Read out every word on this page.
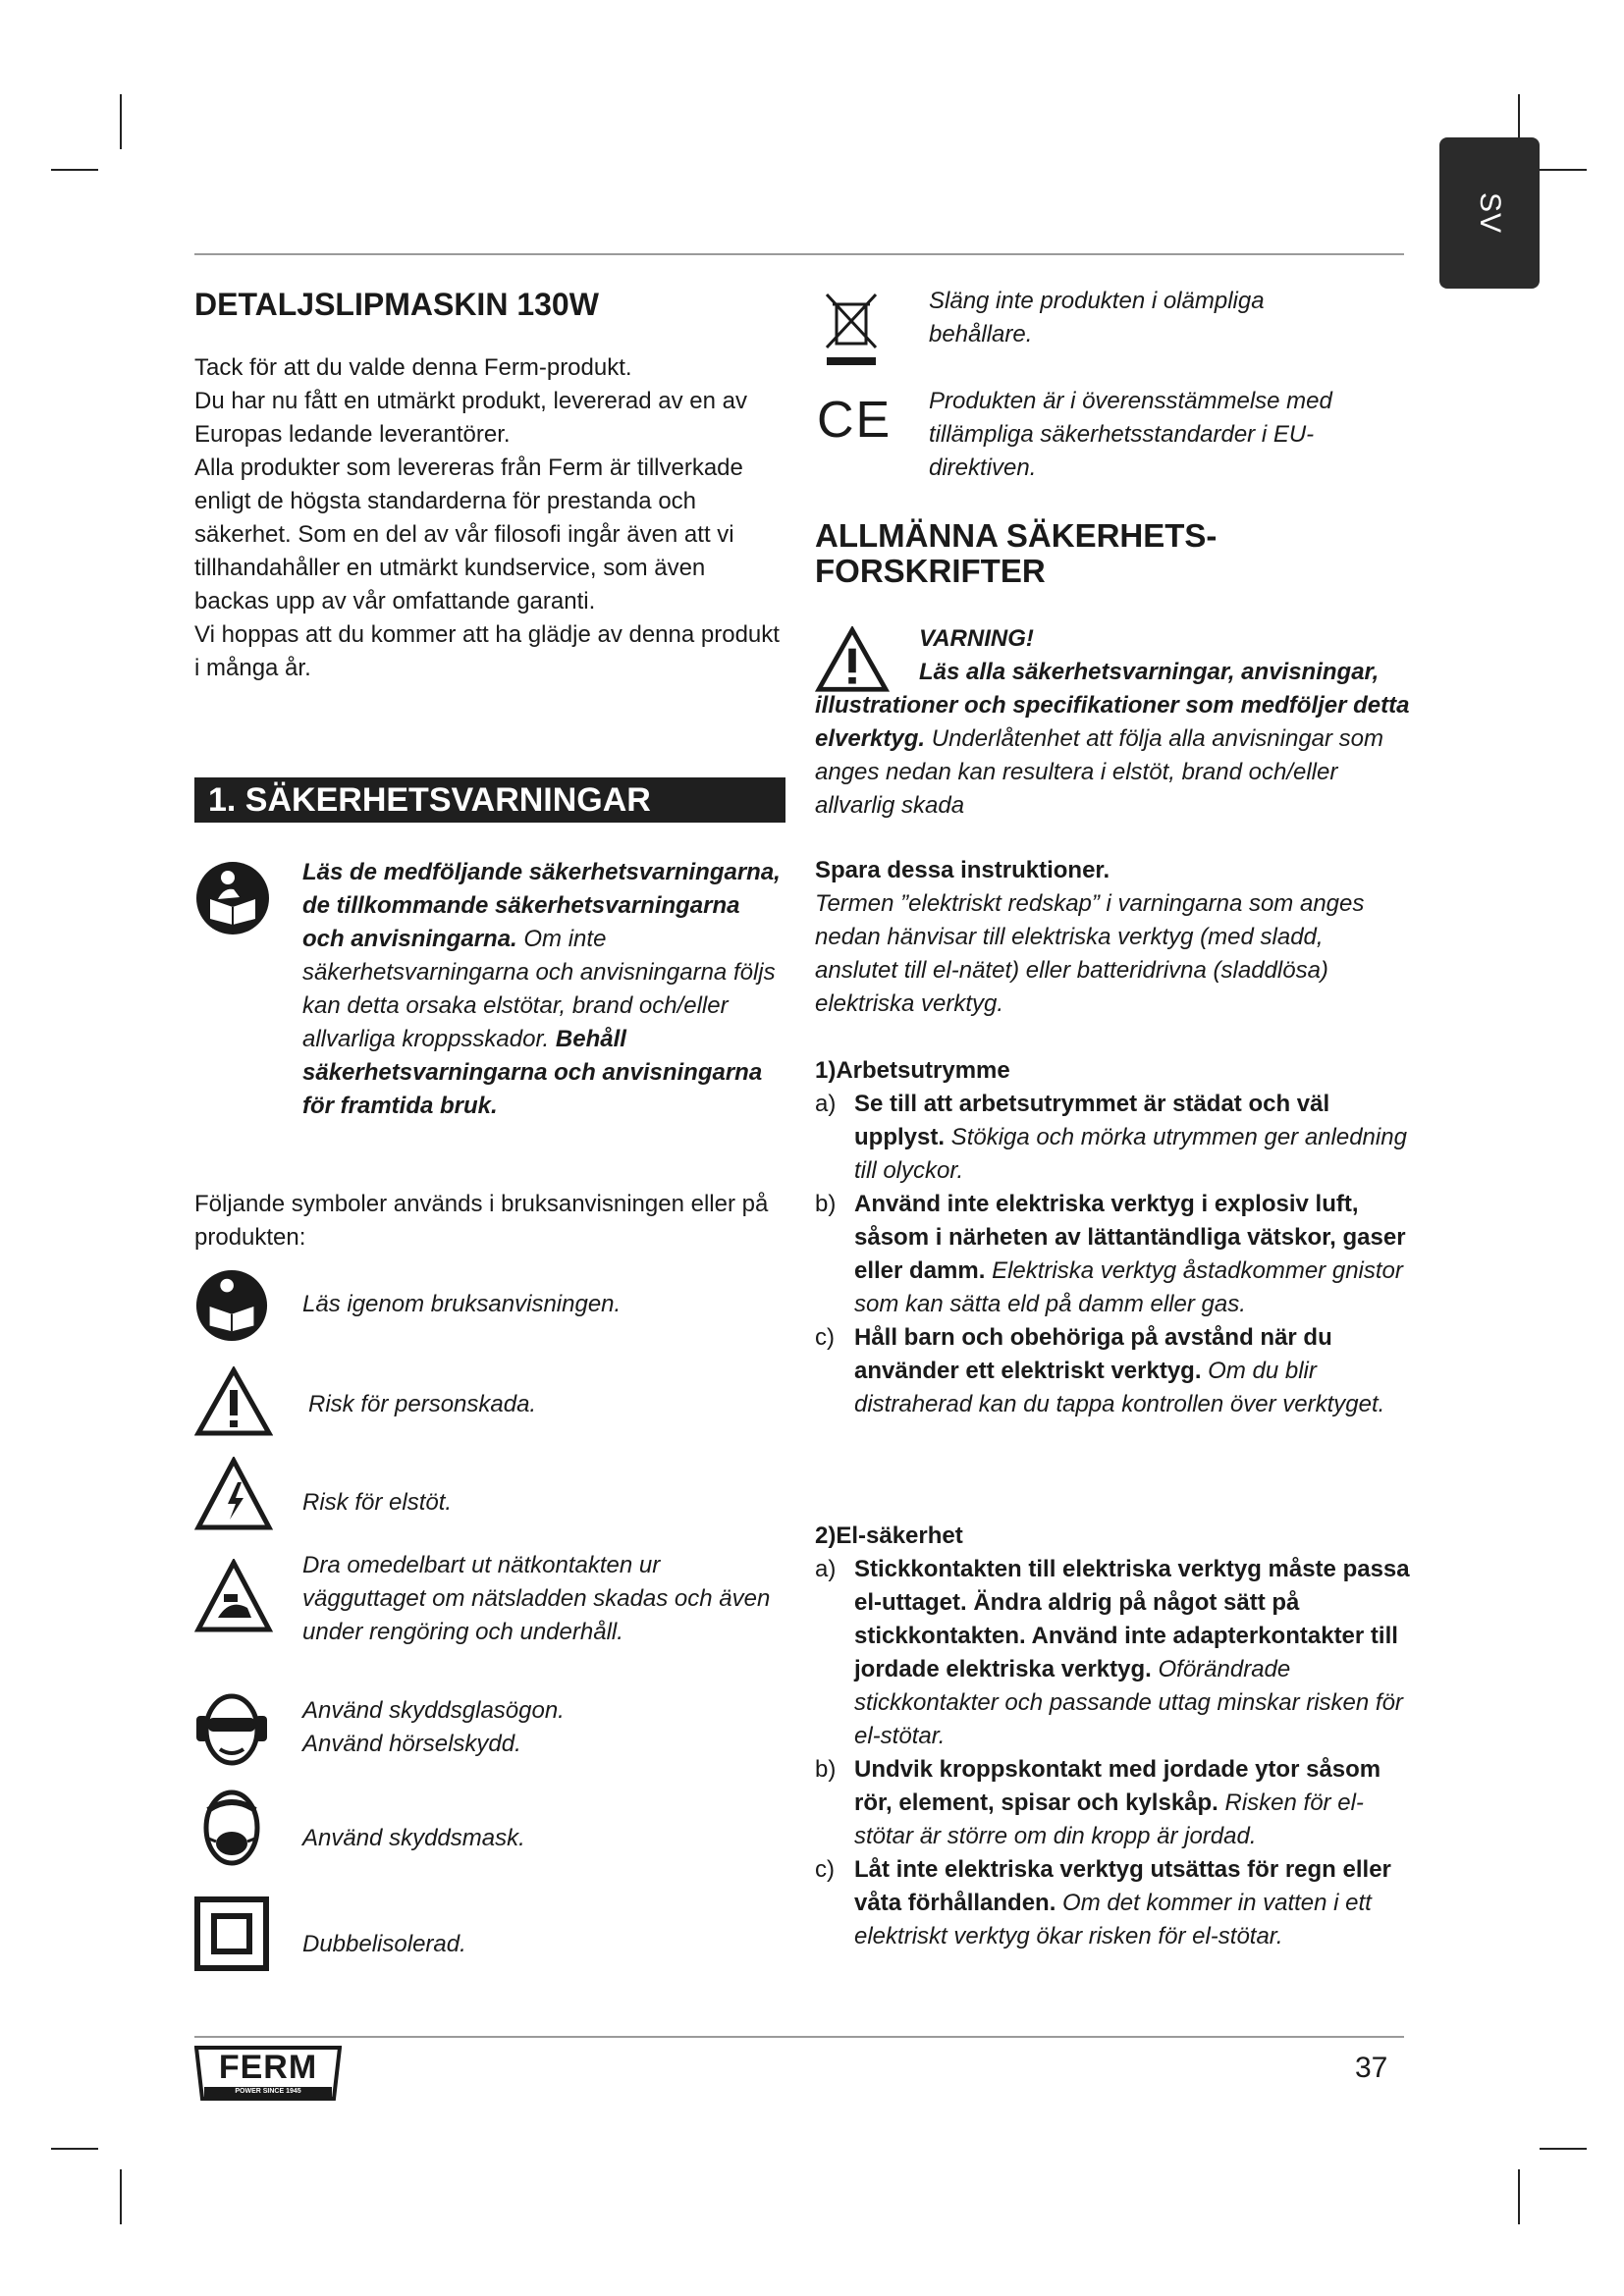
SV
DETALJSLIPMASKIN 130W

Tack för att du valde denna Ferm-produkt.

Du har nu fått en utmärkt produkt, levererad av en av Europas ledande leverantörer.

Alla produkter som levereras från Ferm är tillverkade enligt de högsta standarderna för prestanda och säkerhet. Som en del av vår filosofi ingår även att vi tillhandahåller en utmärkt kundservice, som även backas upp av vår omfattande garanti.

Vi hoppas att du kommer att ha glädje av denna produkt i många år.

1. SÄKERHETSVARNINGAR
Läs de medföljande säkerhetsvarningarna, de tillkommande säkerhetsvarningarna och anvisningarna. Om inte säkerhetsvarningarna och anvisningarna följs kan detta orsaka elstötar, brand och/eller allvarliga kroppsskador. Behåll säkerhetsvarningarna och anvisningarna för framtida bruk.

Följande symboler används i bruksanvisningen eller på produkten:

Läs igenom bruksanvisningen.
Risk för personskada.
Risk för elstöt.
Dra omedelbart ut nätkontakten ur vägguttaget om nätsladden skadas och även under rengöring och underhåll.
Använd skyddsglasögon.
Använd hörselskydd.
Använd skyddsmask.
Dubbelisolerad.
Släng inte produkten i olämpliga behållare.
CE Produkten är i överensstämmelse med tillämpliga säkerhetsstandarder i EU-direktiven.
ALLMÄNNA SÄKERHETS-
FORSKRIFTER
VARNING!
Läs alla säkerhetsvarningar, anvisningar, illustrationer och specifikationer som medföljer detta elverktyg. Underlåtenhet att följa alla anvisningar som anges nedan kan resultera i elstöt, brand och/eller allvarlig skada
Spara dessa instruktioner.
Termen ”elektriskt redskap” i varningarna som anges nedan hänvisar till elektriska verktyg (med sladd, anslutet till el-nätet) eller batteridrivna (sladdlösa) elektriska verktyg.
1)Arbetsutrymme
a) Se till att arbetsutrymmet är städat och väl upplyst. Stökiga och mörka utrymmen ger anledning till olyckor.
b) Använd inte elektriska verktyg i explosiv luft, såsom i närheten av lättantändliga vätskor, gaser eller damm. Elektriska verktyg åstadkommer gnistor som kan sätta eld på damm eller gas.
c) Håll barn och obehöriga på avstånd när du använder ett elektriskt verktyg. Om du blir distraherad kan du tappa kontrollen över verktyget.
2)El-säkerhet
a) Stickkontakten till elektriska verktyg måste passa el-uttaget. Ändra aldrig på något sätt på stickkontakten. Använd inte adapterkontakter till jordade elektriska verktyg. Oförändrade stickkontakter och passande uttag minskar risken för el-stötar.
b) Undvik kroppskontakt med jordade ytor såsom rör, element, spisar och kylskåp. Risken för el-stötar är större om din kropp är jordad.
c) Låt inte elektriska verktyg utsättas för regn eller våta förhållanden. Om det kommer in vatten i ett elektriskt verktyg ökar risken för el-stötar.
FERM
POWER SINCE 1945
37
